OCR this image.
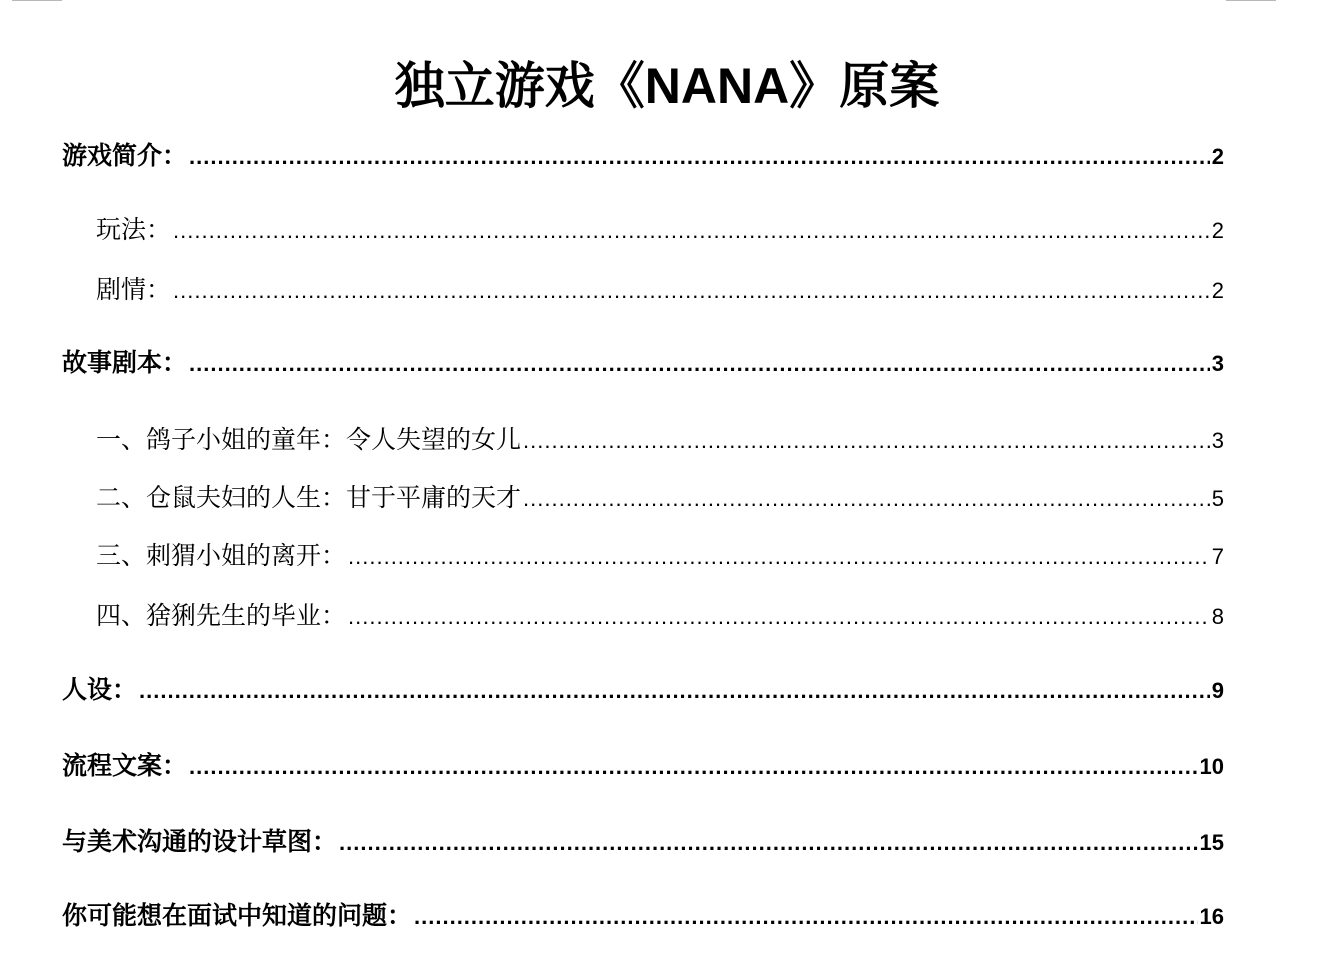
独立游戏《NANA》原案
游戏简介： .....	2
玩法： .....	2
剧情： .....	2
故事剧本： .....	3
一、鸽子小姐的童年：令人失望的女儿 .....	3
二、仓鼠夫妇的人生：甘于平庸的天才 .....	5
三、刺猬小姐的离开： .....	7
四、猞猁先生的毕业： .....	8
人设： .....	9
流程文案： .....	10
与美术沟通的设计草图： .....	15
你可能想在面试中知道的问题： .....	16
